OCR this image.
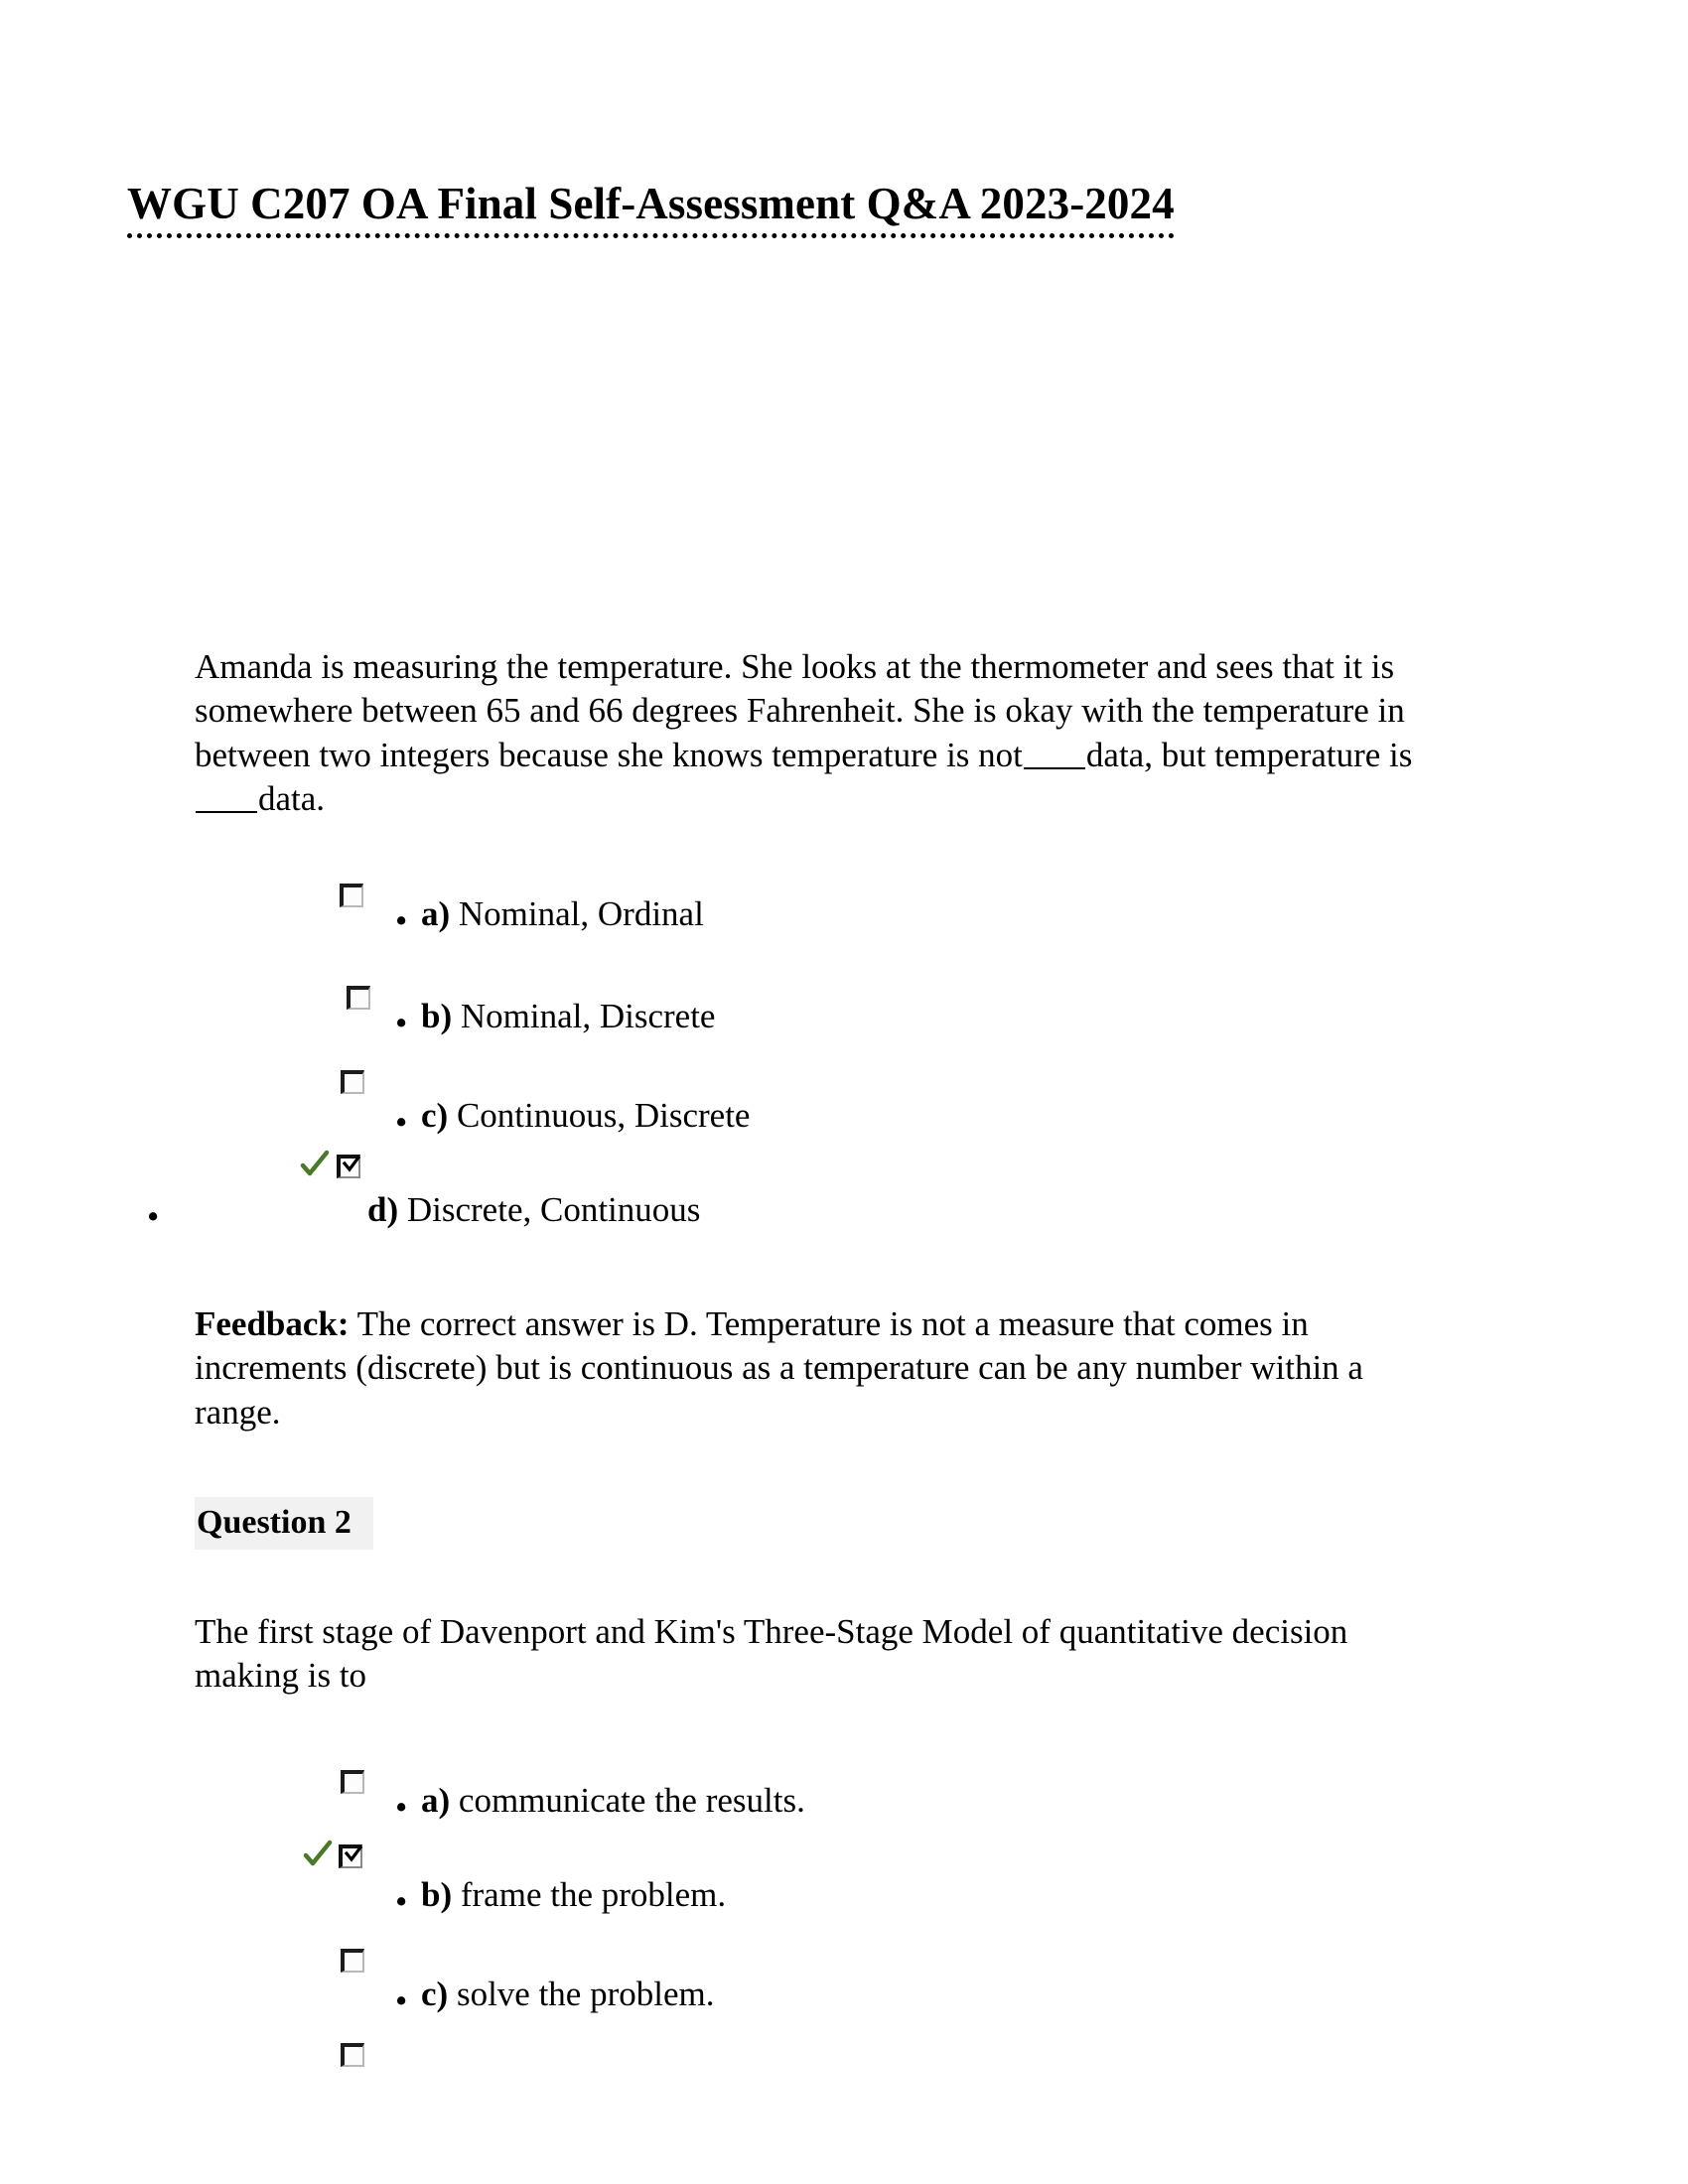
WGU C207 OA Final Self-Assessment Q&A 2023-2024
Amanda is measuring the temperature. She looks at the thermometer and sees that it is somewhere between 65 and 66 degrees Fahrenheit. She is okay with the temperature in between two integers because she knows temperature is not data, but temperature isdata.
• a) Nominal, Ordinal
• b) Nominal, Discrete
• c) Continuous, Discrete
•	d) Discrete, Continuous
Feedback: The correct answer is D. Temperature is not a measure that comes in increments (discrete) but is continuous as a temperature can be any number within a range.
Question 2
The first stage of Davenport and Kim's Three-Stage Model of quantitative decision making is to
• a) communicate the results.
• b) frame the problem.
• c) solve the problem.
